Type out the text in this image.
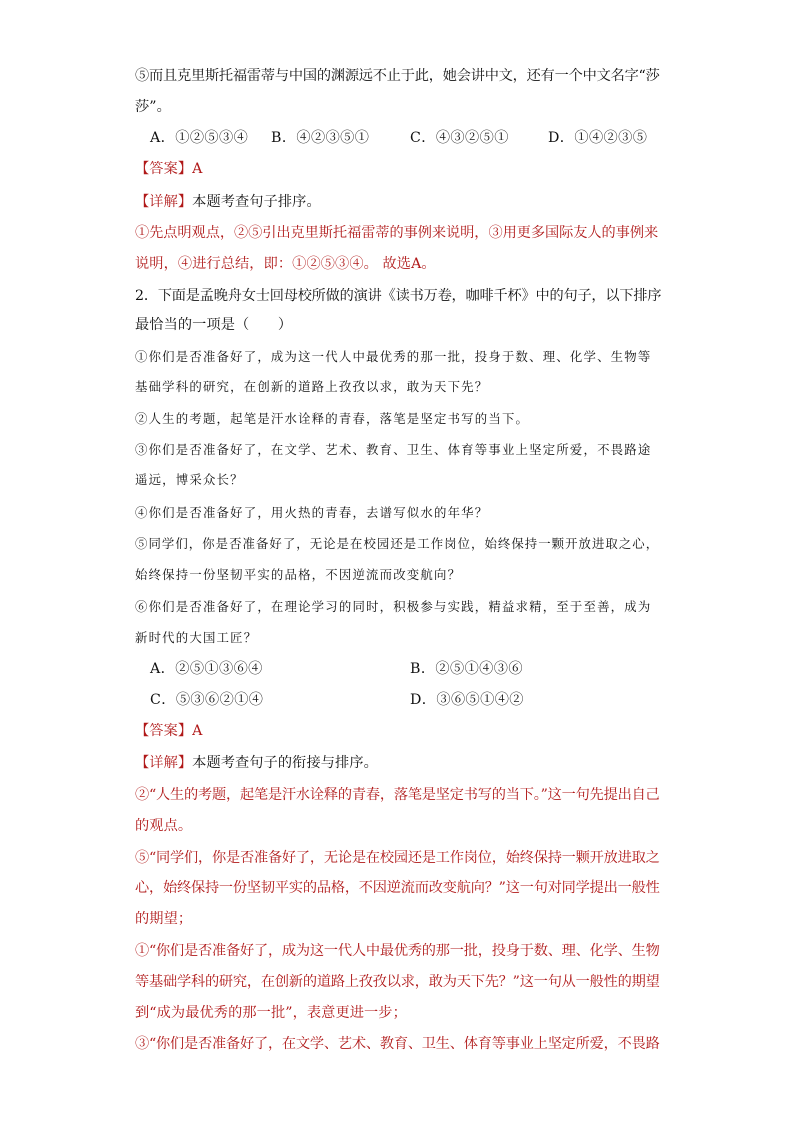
⑤而且克里斯托福雷蒂与中国的渊源远不止于此，她会讲中文，还有一个中文名字“莎

莎”。

A．①②⑤③④ B．④②③⑤①	C．④③②⑤①	D．①④②③⑤

【答案】A

【详解】本题考查句子排序。

①先点明观点，②⑤引出克里斯托福雷蒂的事例来说明，③用更多国际友人的事例来

说明，④进行总结，即：①②⑤③④。 故选A。

2．下面是孟晚舟女士回母校所做的演讲《读书万卷，咖啡千杯》中的句子，以下排序

最恰当的一项是（　　）

①你们是否准备好了，成为这一代人中最优秀的那一批，投身于数、理、化学、生物等

基础学科的研究，在创新的道路上孜孜以求，敢为天下先？

②人生的考题，起笔是汗水诠释的青春，落笔是坚定书写的当下。

③你们是否准备好了，在文学、艺术、教育、卫生、体育等事业上坚定所爱，不畏路途

遥远，博采众长？

④你们是否准备好了，用火热的青春，去谱写似水的年华？

⑤同学们，你是否准备好了，无论是在校园还是工作岗位，始终保持一颗开放进取之心，

始终保持一份坚韧平实的品格，不因逆流而改变航向？

⑥你们是否准备好了，在理论学习的同时，积极参与实践，精益求精，至于至善，成为

新时代的大国工匠？

A．②⑤①③⑥④	B．②⑤①④③⑥
C．⑤③⑥②①④	D．③⑥⑤①④②

【答案】A

【详解】本题考查句子的衔接与排序。

②“人生的考题，起笔是汗水诠释的青春，落笔是坚定书写的当下。”这一句先提出自己

的观点。

⑤“同学们，你是否准备好了，无论是在校园还是工作岗位，始终保持一颗开放进取之

心，始终保持一份坚韧平实的品格，不因逆流而改变航向？”这一句对同学提出一般性

的期望；

①“你们是否准备好了，成为这一代人中最优秀的那一批，投身于数、理、化学、生物

等基础学科的研究，在创新的道路上孜孜以求，敢为天下先？”这一句从一般性的期望

到“成为最优秀的那一批”，表意更进一步；

③“你们是否准备好了，在文学、艺术、教育、卫生、体育等事业上坚定所爱，不畏路
